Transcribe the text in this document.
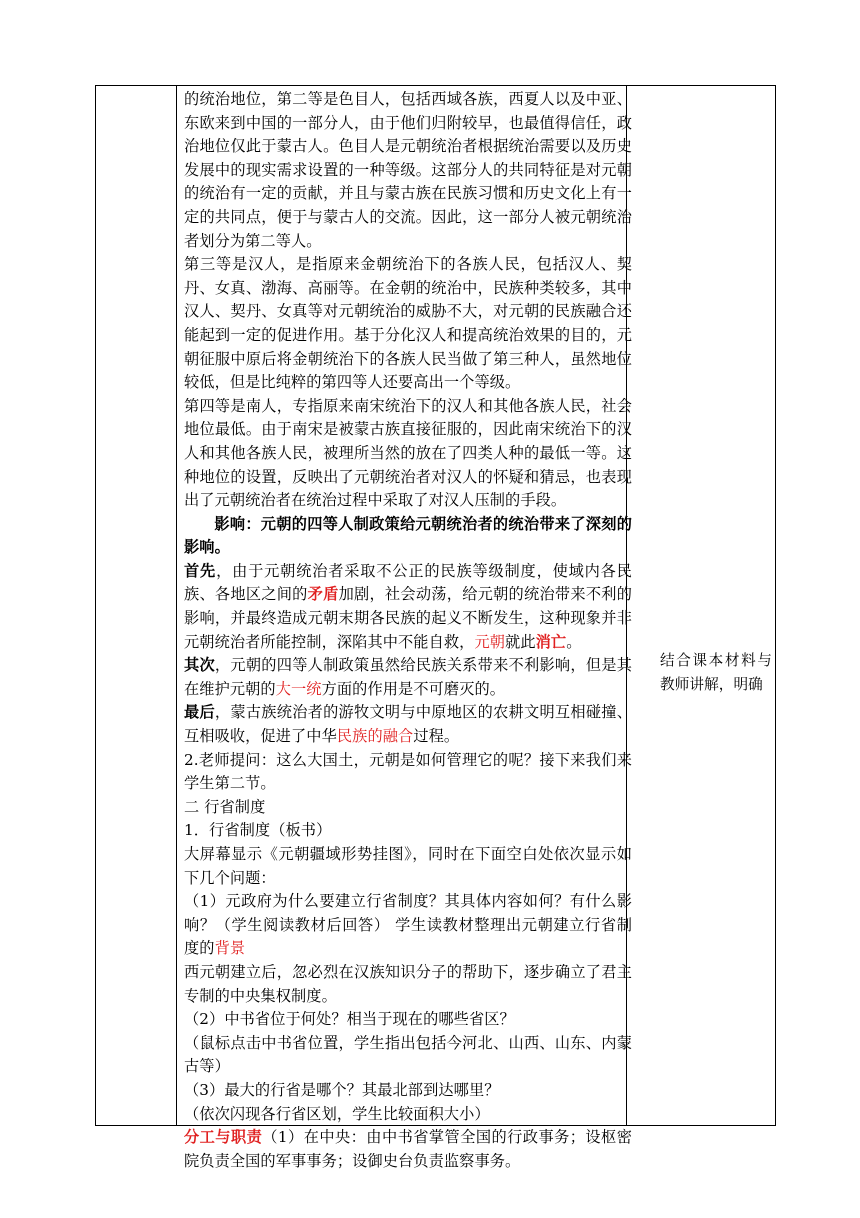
的统治地位，第二等是色目人，包括西域各族，西夏人以及中亚、东欧来到中国的一部分人，由于他们归附较早，也最值得信任，政治地位仅此于蒙古人。色目人是元朝统治者根据统治需要以及历史发展中的现实需求设置的一种等级。这部分人的共同特征是对元朝的统治有一定的贡献，并且与蒙古族在民族习惯和历史文化上有一定的共同点，便于与蒙古人的交流。因此，这一部分人被元朝统治者划分为第二等人。

第三等是汉人，是指原来金朝统治下的各族人民，包括汉人、契丹、女真、渤海、高丽等。在金朝的统治中，民族种类较多，其中汉人、契丹、女真等对元朝统治的威胁不大，对元朝的民族融合还能起到一定的促进作用。基于分化汉人和提高统治效果的目的，元朝征服中原后将金朝统治下的各族人民当做了第三种人，虽然地位较低，但是比纯粹的第四等人还要高出一个等级。

第四等是南人，专指原来南宋统治下的汉人和其他各族人民，社会地位最低。由于南宋是被蒙古族直接征服的，因此南宋统治下的汉人和其他各族人民，被理所当然的放在了四类人种的最低一等。这种地位的设置，反映出了元朝统治者对汉人的怀疑和猜忌，也表现出了元朝统治者在统治过程中采取了对汉人压制的手段。

影响：元朝的四等人制政策给元朝统治者的统治带来了深刻的影响。

首先，由于元朝统治者采取不公正的民族等级制度，使域内各民族、各地区之间的矛盾加剧，社会动荡，给元朝的统治带来不利的影响，并最终造成元朝末期各民族的起义不断发生，这种现象并非元朝统治者所能控制，深陷其中不能自救，元朝就此消亡。

其次，元朝的四等人制政策虽然给民族关系带来不利影响，但是其在维护元朝的大一统方面的作用是不可磨灭的。

最后，蒙古族统治者的游牧文明与中原地区的农耕文明互相碰撞、互相吸收，促进了中华民族的融合过程。

2.老师提问：这么大国土，元朝是如何管理它的呢？接下来我们来学生第二节。

二 行省制度

1．行省制度（板书）

大屏幕显示《元朝疆域形势挂图》，同时在下面空白处依次显示如下几个问题：

（1）元政府为什么要建立行省制度？其具体内容如何？有什么影响？（学生阅读教材后回答） 学生读教材整理出元朝建立行省制度的背景

西元朝建立后，忽必烈在汉族知识分子的帮助下，逐步确立了君主专制的中央集权制度。

（2）中书省位于何处？相当于现在的哪些省区？

（鼠标点击中书省位置，学生指出包括今河北、山西、山东、内蒙古等）

（3）最大的行省是哪个？其最北部到达哪里？

（依次闪现各行省区划，学生比较面积大小）

分工与职责（1）在中央：由中书省掌管全国的行政事务；设枢密院负责全国的军事事务；设御史台负责监察事务。

结合课本材料与教师讲解，明确
